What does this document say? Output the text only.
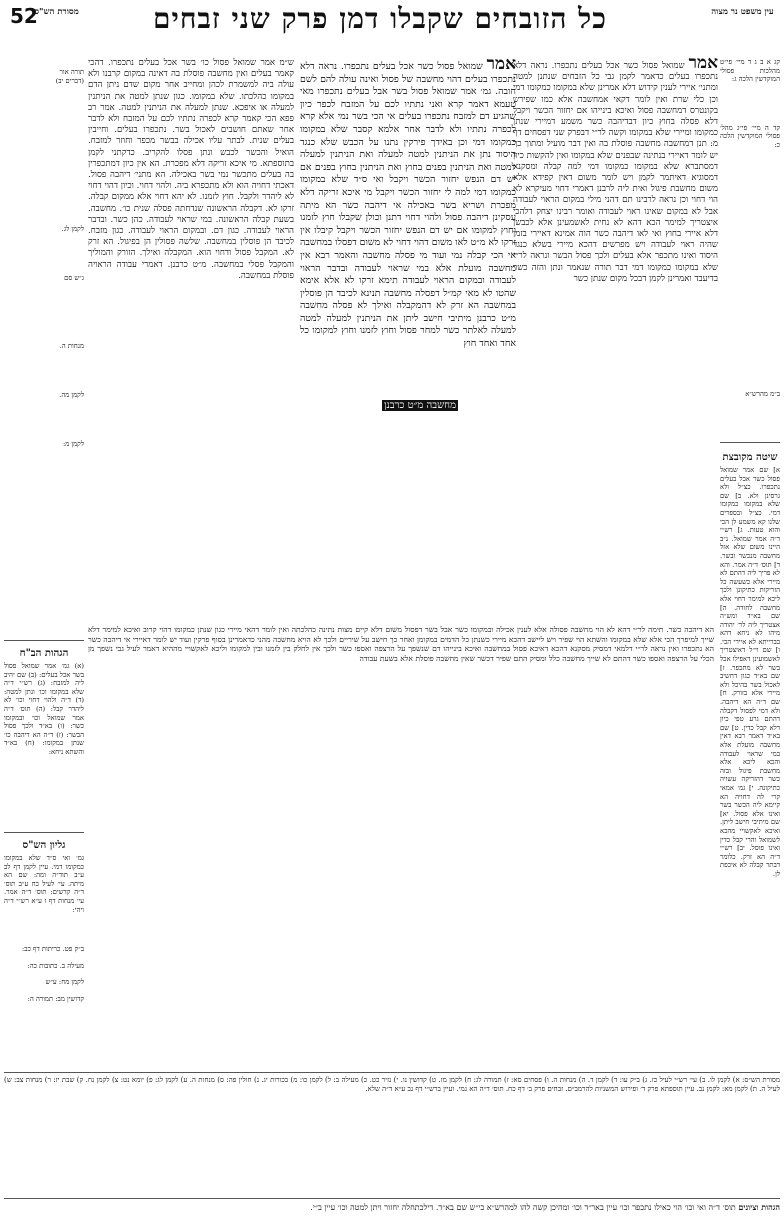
52	כל הזובחים שקבלו דמן פרק שני זבחים	עין משפט נר מצוה
מסורת הש"ס
קג א ב ג ד מיי׳ פי״ט מהלכות פסולי המוקדשין הלכה ג:
קד ה מיי׳ פי״ג מהל׳ פסולי המוקדשין הלכה כ:
ב״מ מהרש״א
אמר שמואל פסול כשר אכל בעלים נתכפרו. נראה דלא נתכפרו בעלים כדאמר לקמן גבי כל הזבחים שנתנן למטה ומתני׳ איירי לענין קידוש דלא אמרינן שלא במקומו כמקומו דמי וכן כלי שרת ואין לומר דקאי אמחשבה אלא כמו שפירש בקונטרס דמחשבה פסול ואיכא בינייהו אם יחזור הכשר ויקבל דלא פסלה בחוץ כיון דבדיהבה כשר משמע דמיירי שנתן כמקומו ומיירי שלא במקומו וקשה לר״י דבפרק שני דפסחים דף מ: תנן דמחשבה מחשבה פוסלת בה ואין דבר מועיל ומתוך כך יש לומר דאיירי בנתינה שבפנים שלא במקומו ואין להקשות כיון דמסתברא שלא במקומו כמקומו דמי למה קבלה ומסקנא דמסוגיא דאיתמר לקמן ויש לומר משום דאין קפידא אלא משום מחשבת פיגול ואית ליה לרבנן דאמרי דחוי מעיקרא לא הוי דחוי וכן נראה לרבינו תם דהני מילי במקום הראוי לעבודה אבל לא במקום שאינו ראוי לעבודה ואומר רבינו יצחק דלהכי איצטריך למימר הכא דהא לא נחית לאשמעינן אלא לכבשן דלא איירי בחוץ ואי לאו דיהבה כשר הוה אמינא דאיירי בזמן שהיה ראוי לעבודה ויש מפרשים דהכא מיירי בשלא כנגד היסוד ואינו מתכפר אלא בעלים ולכך פסול הבשר ונראה לר״י שלא במקומו כמקומו דמי דבר תורה שנאמר ונתן והזה כשר בדיעבד ואמרינן לקמן דבכל מקום שנתן כשר
אמר שמואל פסול כשר אכל בעלים נתכפרו. נראה דלא נתכפרו בעלים דהוי מחשבה של פסול ואינה עולה להם לשם חובה. גמ׳ אמר שמואל פסול בשר אבל בעלים נתכפרו מאי טעמא דאמר קרא ואני נתתיו לכם על המזבח לכפר כיון שהגיע דם למזבח נתכפרו בעלים אי הכי בשר נמי אלא קרא לכפרה נתתיו ולא לדבר אחר אלמא קסבר שלא במקומו כמקומו דמי וכן באידך פירקין נתנו על הכבש שלא כנגד היסוד נתן את הניתנין למטה למעלה ואת הניתנין למעלה למטה ואת הניתנין בפנים בחוץ ואת הניתנין בחוץ בפנים אם יש דם הנפש יחזור הכשר ויקבל ואי ס״ד שלא במקומו כמקומו דמי למה לי יחזור הכשר ויקבל מי איכא זריקה דלא מפכרת ושריא בשר באכילה אי דיהבה כשר הא מיתה עסקינן דיהבה פסול ולהוי דחוי דתנן וכולן שקבלו חוץ לזמנו וחוץ למקומו אם יש דם הנפש יחזור הכשר ויקבל קיבלו אין זרקו לא מ״ט לאו משום דהוי דחוי לא משום דפסלו במחשבה אי הכי קבלה נמי ועוד מי פסלה מחשבה והאמר רבא אין מחשבה מועלת אלא במי שראוי לעבודה ובדבר הראוי לעבודה ובמקום הראוי לעבודה תימא זרקו לא אלא אימא שהטו לא מאי קמ״ל דפסלה מחשבה תנינא לכיבד הן פוסלין במחשבה הא זרק לא דהמקבלה ואילך לא פסלה מחשבה מ״ט כרבנן מיתיבי חישב ליתן את הניתנין למעלה למטה למעלה לאלתר כשר למחר פסול וחוץ לזמנו וחוץ למקומו כל אחד ואחד חוץ
מחשבה מ״ט כרבנן
ש״מ אמר שמואל פסול כו׳ בשר אכל בעלים נתכפרו. דהכי קאמר בעלים ואין מחשבה פוסלת בה דאינה במקום קרבנו ולא עולה ביה למשמרת לכהן ומחייב אחר מקום שדם ניתן הדם במקומו כהלכתו. שלא במקומו. כגון שנתן למטה את הניתנין למעלה או איפכא. שנתן למעלה את הניתנין למטה. אמר רב פפא הכי קאמר קרא לכפרה נתתיו לכם על המזבח ולא לדבר אחר שאתם חושבים לאכול בשר. נתכפרו בעלים. וחייבין בעלים שנית. לבתר עליו אכילה בבשר מכפר וחוזר למזבח. הואיל והכשר לכבש ונתן פסלו להקריב. כדקתני לקמן בתוספתא. מי איכא זריקה דלא מפכרת. הא אין כיון דמתכפרין בה בעלים מתכשר נמי בשר באכילה. הא מתני׳ דיהבה פסול. דאכתי דחויה הוא ולא מתכפרא ביה. ולהוי דחוי. וכיון דהוי דחוי לא ליהדר ולקבל. חוץ לזמנו. לא יהא דחוי אלא ממקום קבלה. זרקו לא. דקבלה הראשונה שנדחתה פסלה שנית כו׳. מחשבה. בשעת קבלה הראשונה. במי שראוי לעבודה. כהן כשר. ובדבר הראוי לעבודה. כגון דם. ובמקום הראוי לעבודה. כגון מזבח. לכיבד הן פוסלין במחשבה. שלשה פסולין הן בפיגול. הא זרק לא. המקבל פסול ודחוי הוא. המקבלה ואילך. הזורק והמוליך והמקבל פסלי במחשבה. מ״ט כרבנן. דאמרי עבודה הראויה פוסלת במחשבה.
תורה אור
(דברים יב)
לקמן לג.
ג״ש סם
מנחות ה.
לקמן מה.
לקמן מ:
שיטה מקובצת
א] שם אמר שמואל פסול כשר אכל בעלים נתכפרו. כצ״ל ולא גרסינן ולא. ב] שם שלא במקומו כמקומו דמי. כצ״ל ובספרים שלנו קא משמע לן הכי והוא טעות. ג] רש״י ד״ה אמר שמואל. נ״ב היינו משום שלא אזל מחשבה מנכשר ובשר. ד] תוס׳ ד״ה אמר. והא לא פריך ליה דהתם לא מיירי אלא כשעשה כל הזריקות כתיקונן ולכך ליכא למימר דחוי אלא מחשבה לחודה. ה] שם בא״ד ומש״ה אצטריך ליה לר׳ יהודה מיהו לא ניחא דהא בברייתא לא איירי הכי. ו] שם וי״ל דאיצטריך לאשמועינן דאפילו אכל בשר לא מתכפר. ז] שם בא״ד כגון דחשיב לאכול בשר בהיכל ולא מיירי אלא בזורק. ח] שם ד״ה הא דיהבה. ולא דמי לפסול דקבלה דהתם גרע טפי כיון דלא קבל כדין. ט] שם בא״ד דאמר רבא דאין מחשבה מועלת אלא במי שראוי לעבודה והכא ליכא אלא מחשבת פיגול ובזה כשר דהזריקה עשויה כתיקונה. י] גמ׳ אמאי קרי לה דחויה הא קיימא ליה הכשר בשר ואינו אלא פסול. יא] שם מיתיבי חישב ליתן. ואיכא לאקשויי מהכא לשמואל והרי קבל כדין ואינו פוסל. יב] רש״י ד״ה הא זרק. כלומר דבתר קבלה לא איכפת לן.
הגהות הב"ח
(א) גמ׳ אמר שמואל פסול בשר אכל בעלים: (ב) שם יהיב ליה למזבח: (ג) רש״י ד״ה שלא במקומו וכו׳ ונתן למטה: (ד) ד״ה ולהוי דחוי וכו׳ לא ליהדר קבל: (ה) תוס׳ ד״ה אמר שמואל וכו׳ ובמקומו כשר: (ו) בא״ד ולכך פסול הבשר: (ז) ד״ה הא דיהבה כו׳ שנתן במקומו: (ח) בא״ד והשתא ניחא:
גליון הש"ס
גמ׳ ואי ס״ד שלא במקומו כמקומו דמי. עיין לקמן דף לב ע״ב תוד״ה ומה: שם הא מיתה. עי׳ לעיל כח ע״ב תוס׳ ד״ה קדשים: תוס׳ ד״ה אמר. עי׳ מנחות דף ז ע״א רש״י ד״ה ויהי:
ב״ק פט. כריתות דף כב:
מעילה ב. כתובות כה:
לקמן מח: ע״ש
קדושין מב: תמורה ה:
הא דיהבה כשר. תימה לר״י דהא לא הוי מחשבה פסולה אלא לענין אכילה ובמקומו כשר אבל בשר דפסול משום דלא קיים מצות נתינה כהלכתה ואין לומר דהאי מיירי כגון שנתן כמקומו דהוי קרוב ואיכא למימר דלא שייך למיפרך הכי אלא שלא במקומו והשתא הוי שפיר ויש ליישב דהכא מיירי כשנתן כל הדמים במקומן ואחר כך חישב על שיריים ולכך לא הויא מחשבה מהני כדאמרינן בסוף פרקין ועוד יש לומר דאיירי אי דיהבה כשר הא נתכפרו ואין נראה לר״י דלמאי דמסיק מסקנא דהכא דאיכא פסול במחשבה ואיכא בינייהו דם שנשפך על הרצפה ואספו כשר ולכך אין לחלק בין לזמנו ובין למקומו וליכא לאקשויי מההיא דאמר לעיל גבי נשפך מן הכלי על הרצפה ואספו כשר דהתם לא שייך מחשבה כלל ומסיק התם שפיר דכשר שאין מחשבה פוסלת אלא בשעת עבודה
מסורת הש״ס: א) לקמן לו. ב) עי׳ רש״י לעיל כז. ג) ב״ק עו: ד) לקמן ד. ה) מנחות ה. ו) פסחים סא: ז) תמורה לג: ח) לקמן מז. ט) קדושין נו. י) נזיר כט. כ) מעילה ב: ל) לקמן כו: מ) בכורות יג. נ) חולין פה: ס) מנחות ה. ע) לקמן לג: פ) יומא נט: צ) לקמן נח. ק) שבת יז: ר) מנחות צב: ש) לעיל ה. ת) לקמן מא: לקמן נב. עיין תוספתא פרק ד׳ ופירוש המשניות להרמב״ם. זבחים פרק ב׳ דף כח. תוס׳ ד״ה הא נמי. ועיין ברש״י דף נב ע״א ד״ה שלא.
הגהות וציונים תוס׳ ד״ה ואי וכו׳ הוי כאילו נתכפר וכו׳ עיין באר״ד וכו׳ ומהיכן קשה להו למהרש״א כי״ש שם בא״ד. דילכתחלה יחזור ויתן למטה וכו׳ עיין ב״י.
